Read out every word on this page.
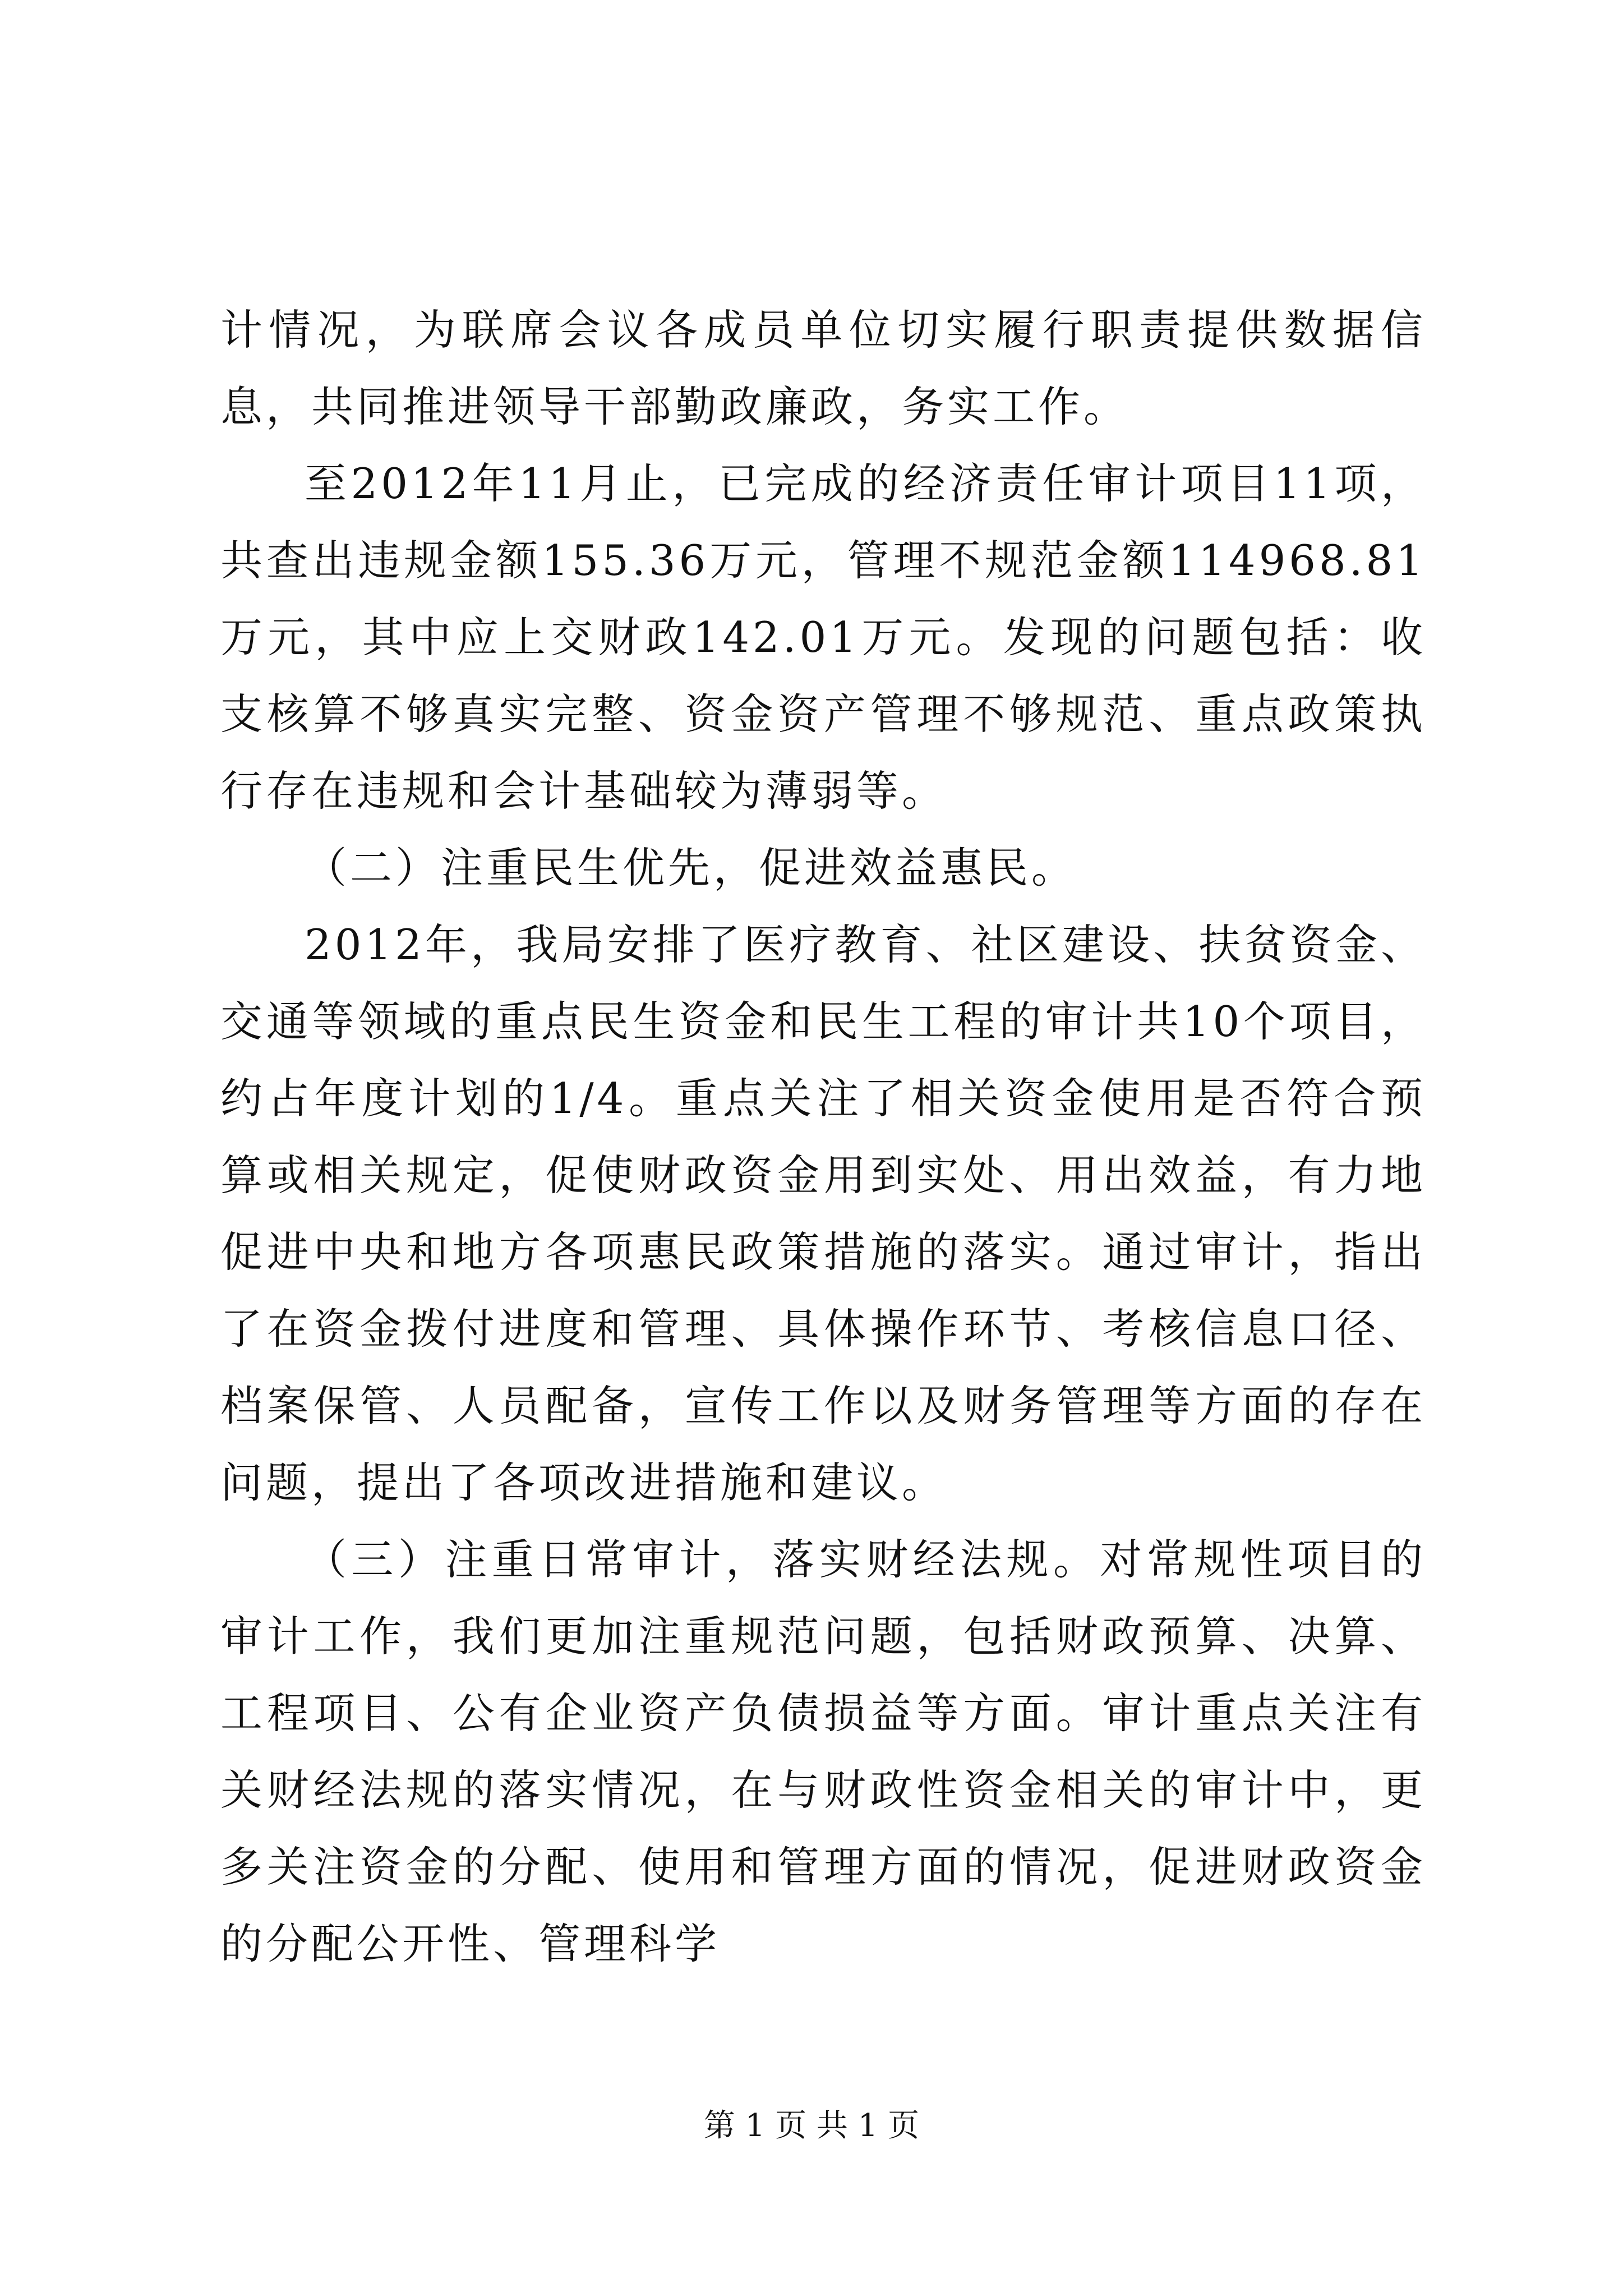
计情况，为联席会议各成员单位切实履行职责提供数据信息，共同推进领导干部勤政廉政，务实工作。

至2012年11月止，已完成的经济责任审计项目11项，共查出违规金额155.36万元，管理不规范金额114968.81万元，其中应上交财政142.01万元。发现的问题包括：收支核算不够真实完整、资金资产管理不够规范、重点政策执行存在违规和会计基础较为薄弱等。

（二）注重民生优先，促进效益惠民。

2012年，我局安排了医疗教育、社区建设、扶贫资金、交通等领域的重点民生资金和民生工程的审计共10个项目，约占年度计划的1/4。重点关注了相关资金使用是否符合预算或相关规定，促使财政资金用到实处、用出效益，有力地促进中央和地方各项惠民政策措施的落实。通过审计，指出了在资金拨付进度和管理、具体操作环节、考核信息口径、档案保管、人员配备，宣传工作以及财务管理等方面的存在问题，提出了各项改进措施和建议。

（三）注重日常审计，落实财经法规。对常规性项目的审计工作，我们更加注重规范问题，包括财政预算、决算、工程项目、公有企业资产负债损益等方面。审计重点关注有关财经法规的落实情况，在与财政性资金相关的审计中，更多关注资金的分配、使用和管理方面的情况，促进财政资金的分配公开性、管理科学

第 1 页 共 1 页
